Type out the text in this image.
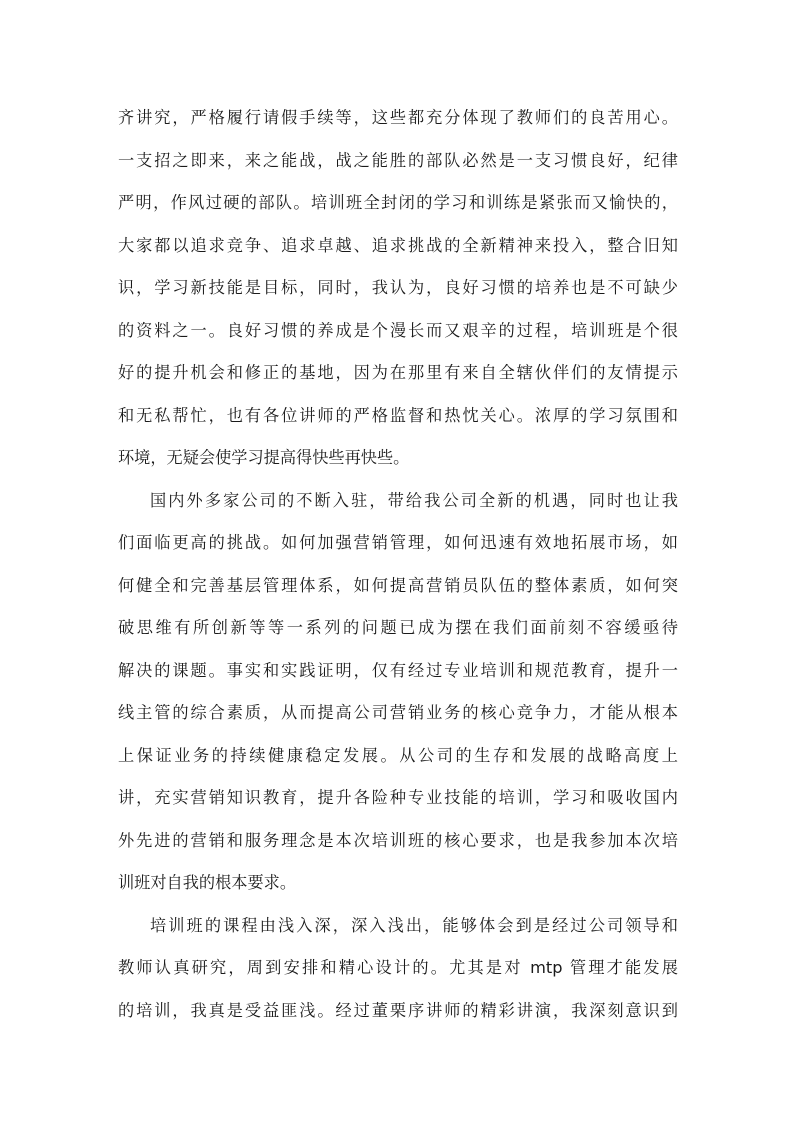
齐讲究，严格履行请假手续等，这些都充分体现了教师们的良苦用心。
一支招之即来，来之能战，战之能胜的部队必然是一支习惯良好，纪律
严明，作风过硬的部队。培训班全封闭的学习和训练是紧张而又愉快的，
大家都以追求竞争、追求卓越、追求挑战的全新精神来投入，整合旧知
识，学习新技能是目标，同时，我认为，良好习惯的培养也是不可缺少
的资料之一。良好习惯的养成是个漫长而又艰辛的过程，培训班是个很
好的提升机会和修正的基地，因为在那里有来自全辖伙伴们的友情提示
和无私帮忙，也有各位讲师的严格监督和热忱关心。浓厚的学习氛围和
环境，无疑会使学习提高得快些再快些。
国内外多家公司的不断入驻，带给我公司全新的机遇，同时也让我
们面临更高的挑战。如何加强营销管理，如何迅速有效地拓展市场，如
何健全和完善基层管理体系，如何提高营销员队伍的整体素质，如何突
破思维有所创新等等一系列的问题已成为摆在我们面前刻不容缓亟待
解决的课题。事实和实践证明，仅有经过专业培训和规范教育，提升一
线主管的综合素质，从而提高公司营销业务的核心竞争力，才能从根本
上保证业务的持续健康稳定发展。从公司的生存和发展的战略高度上
讲，充实营销知识教育，提升各险种专业技能的培训，学习和吸收国内
外先进的营销和服务理念是本次培训班的核心要求，也是我参加本次培
训班对自我的根本要求。
培训班的课程由浅入深，深入浅出，能够体会到是经过公司领导和
教师认真研究，周到安排和精心设计的。尤其是对 mtp 管理才能发展
的培训，我真是受益匪浅。经过董栗序讲师的精彩讲演，我深刻意识到
